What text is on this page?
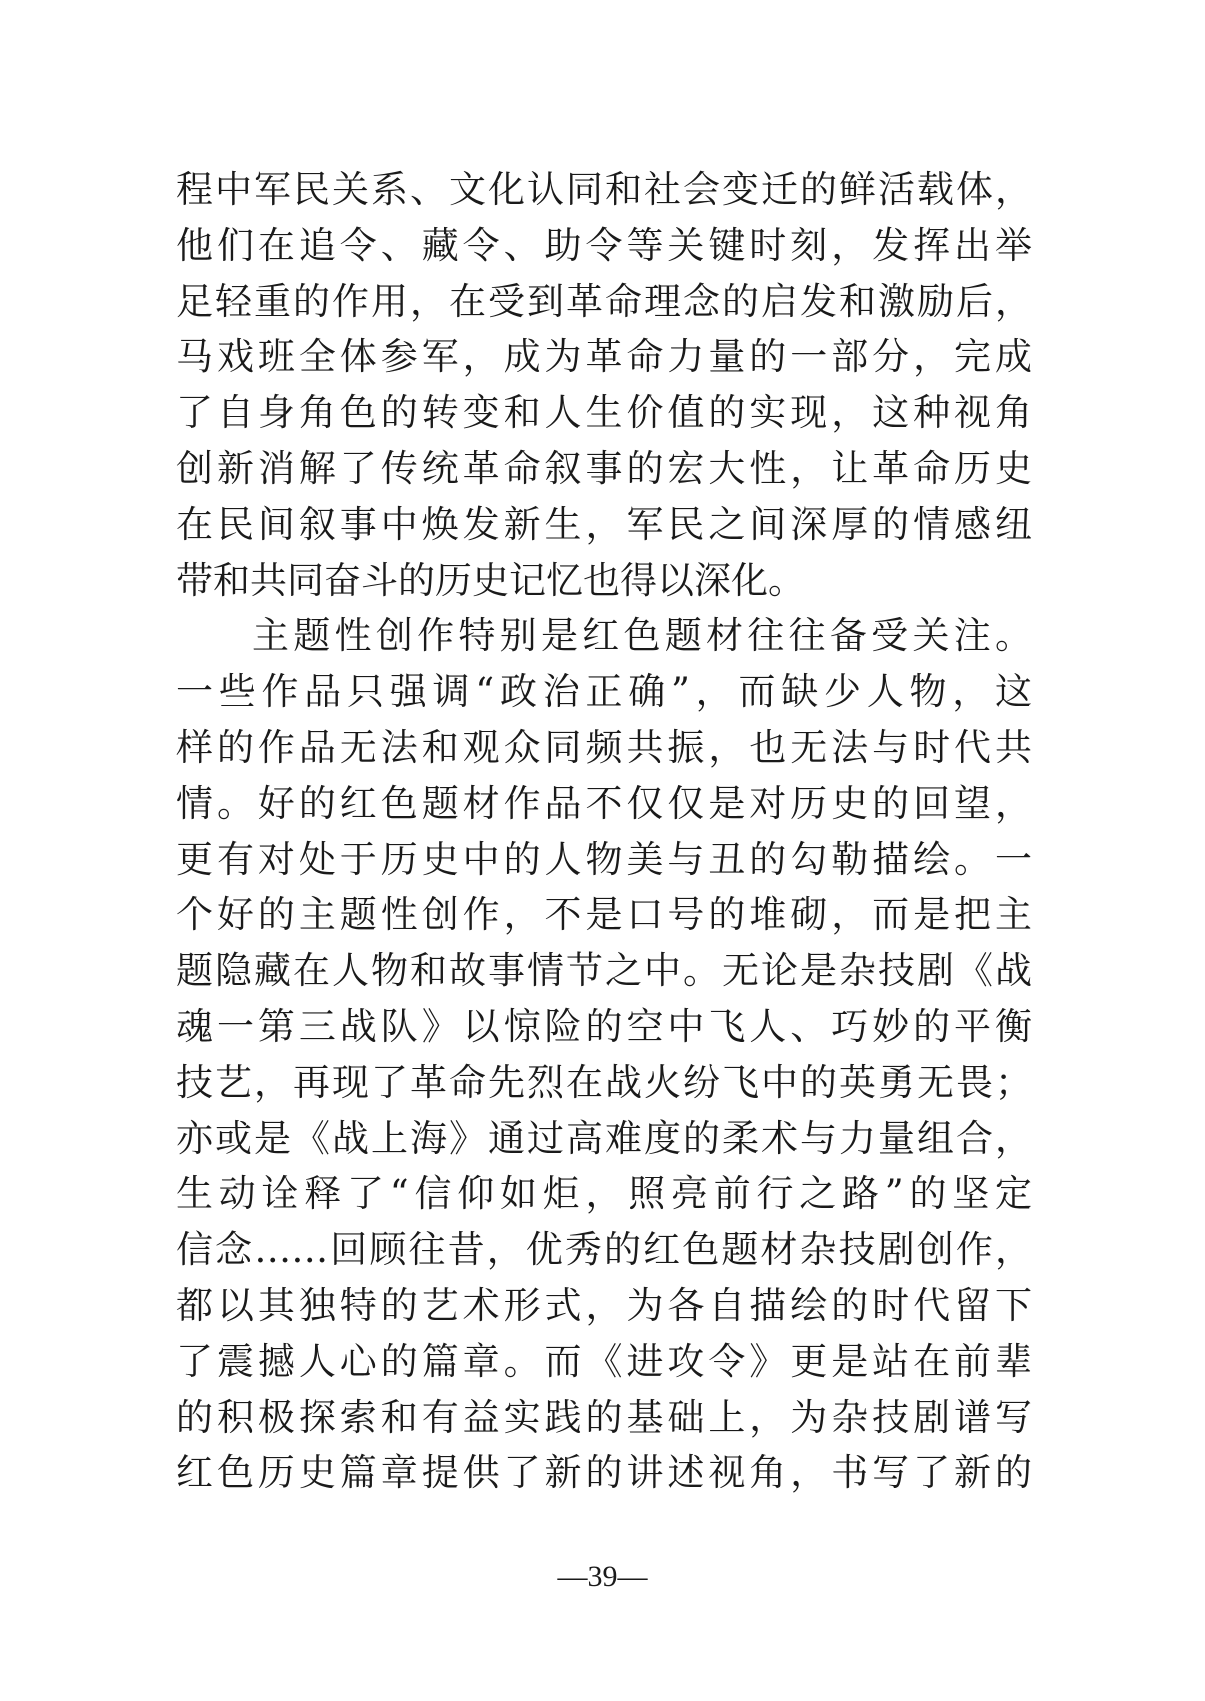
程中军民关系、文化认同和社会变迁的鲜活载体，
他们在追令、藏令、助令等关键时刻，发挥出举
足轻重的作用，在受到革命理念的启发和激励后，
马戏班全体参军，成为革命力量的一部分，完成
了自身角色的转变和人生价值的实现，这种视角
创新消解了传统革命叙事的宏大性，让革命历史
在民间叙事中焕发新生，军民之间深厚的情感纽
带和共同奋斗的历史记忆也得以深化。
主题性创作特别是红色题材往往备受关注。
一些作品只强调“政治正确”，而缺少人物，这
样的作品无法和观众同频共振，也无法与时代共
情。好的红色题材作品不仅仅是对历史的回望，
更有对处于历史中的人物美与丑的勾勒描绘。一
个好的主题性创作，不是口号的堆砌，而是把主
题隐藏在人物和故事情节之中。无论是杂技剧《战
魂一第三战队》以惊险的空中飞人、巧妙的平衡
技艺，再现了革命先烈在战火纷飞中的英勇无畏；
亦或是《战上海》通过高难度的柔术与力量组合，
生动诠释了“信仰如炬，照亮前行之路”的坚定
信念……回顾往昔，优秀的红色题材杂技剧创作，
都以其独特的艺术形式，为各自描绘的时代留下
了震撼人心的篇章。而《进攻令》更是站在前辈
的积极探索和有益实践的基础上，为杂技剧谱写
红色历史篇章提供了新的讲述视角，书写了新的
—39—
